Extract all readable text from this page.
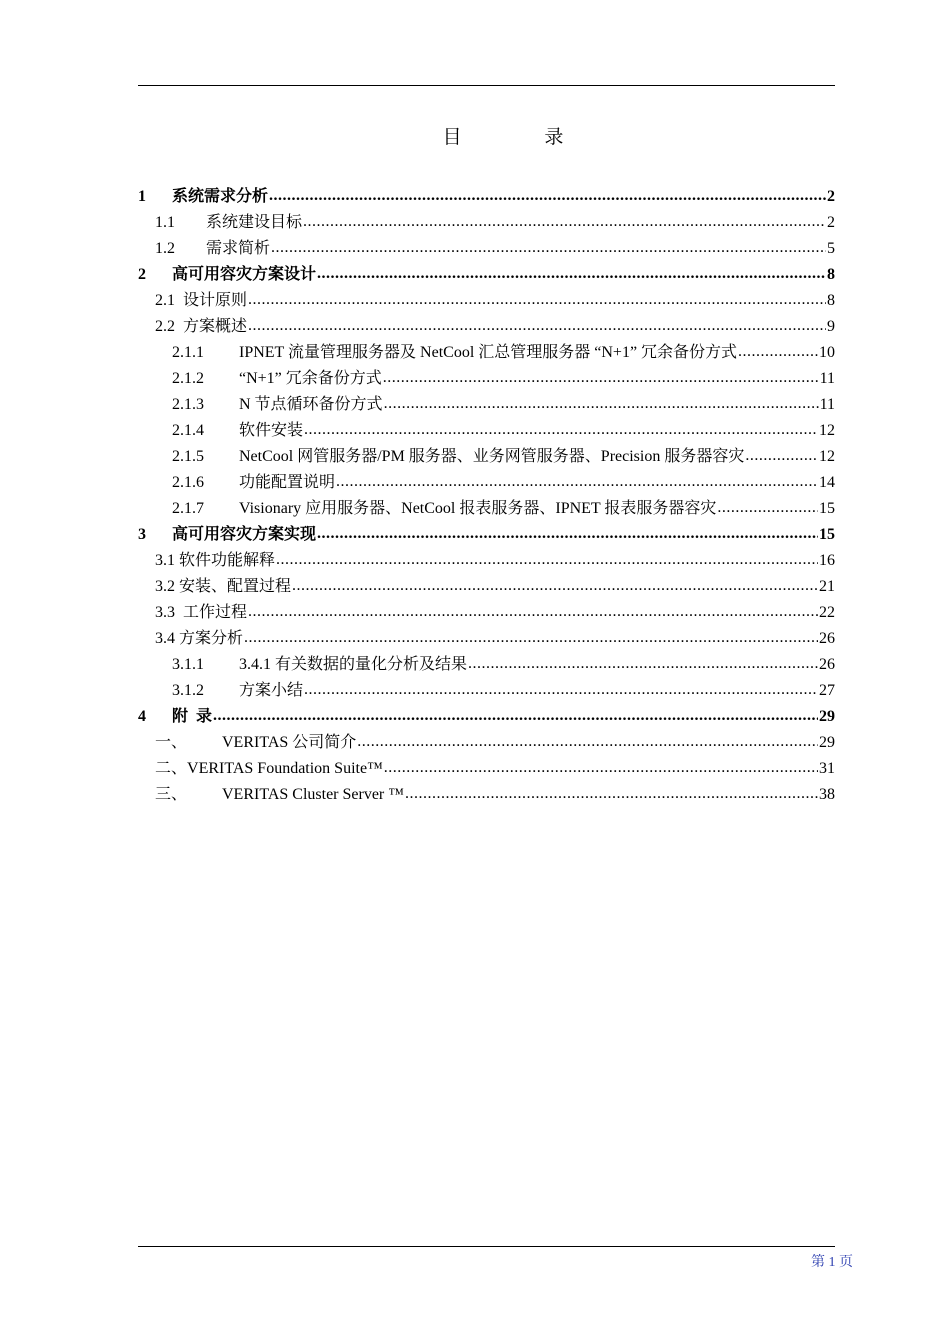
目	录
1	系统需求分析 .....	2
1.1	系统建设目标 .....	2
1.2	需求简析 .....	5
2	高可用容灾方案设计 .....	8
2.1 设计原则 .....	8
2.2 方案概述 .....	9
2.1.1	IPNET 流量管理服务器及 NetCool 汇总管理服务器 “N+1” 冗余备份方式 .....	10
2.1.2	“N+1” 冗余备份方式 .....	11
2.1.3	N 节点循环备份方式 .....	11
2.1.4	软件安装 .....	12
2.1.5	NetCool 网管服务器/PM 服务器、业务网管服务器、Precision 服务器容灾 .....	12
2.1.6	功能配置说明 .....	14
2.1.7	Visionary 应用服务器、NetCool 报表服务器、IPNET 报表服务器容灾 .....	15
3	高可用容灾方案实现 .....	15
3.1 软件功能解释 .....	16
3.2 安装、配置过程 .....	21
3.3 工作过程 .....	22
3.4 方案分析 .....	26
3.1.1	3.4.1 有关数据的量化分析及结果 .....	26
3.1.2	方案小结 .....	27
4	附  录 .....	29
一、	VERITAS 公司简介 .....	29
二、 VERITAS Foundation Suite™ .....	31
三、	VERITAS Cluster Server ™ .....	38
第 1 页
